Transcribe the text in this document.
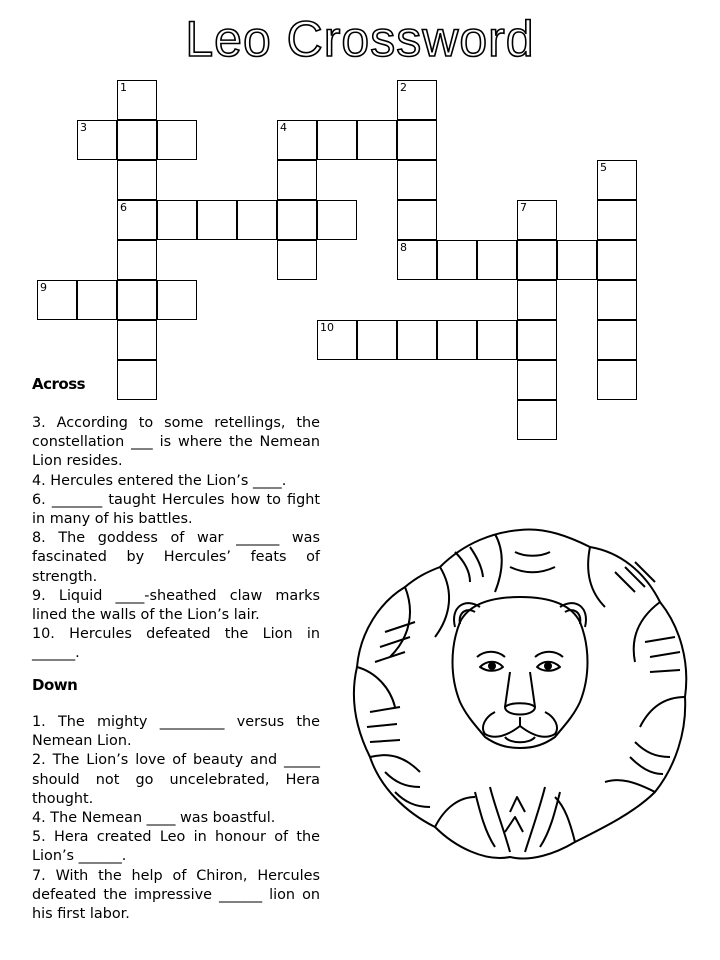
Leo Crossword
1
6
3
9
4
2
8
5
7
10
Across

3. According to some retellings, the constellation ___ is where the Nemean Lion resides.

4. Hercules entered the Lion’s ____.

6. _______ taught Hercules how to fight in many of his battles.

8. The goddess of war ______ was fascinated by Hercules’ feats of strength.

9. Liquid ____-sheathed claw marks lined the walls of the Lion’s lair.

10. Hercules defeated the Lion in ______.

Down

1. The mighty _________ versus the Nemean Lion.

2. The Lion’s love of beauty and _____ should not go uncelebrated, Hera thought.

4. The Nemean ____ was boastful.

5. Hera created Leo in honour of the Lion’s ______.

7. With the help of Chiron, Hercules defeated the impressive ______ lion on his first labor.
